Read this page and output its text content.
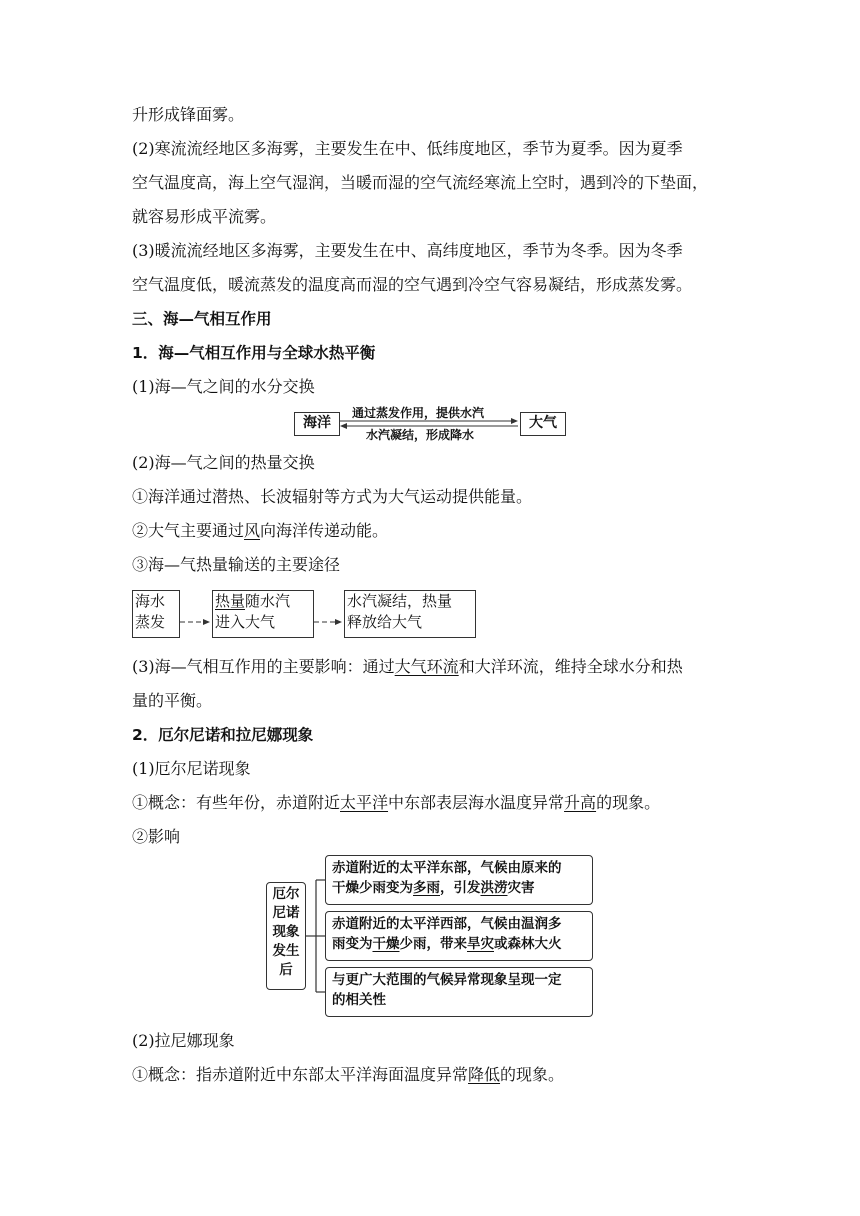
升形成锋面雾。
(2)寒流流经地区多海雾，主要发生在中、低纬度地区，季节为夏季。因为夏季
空气温度高，海上空气湿润，当暖而湿的空气流经寒流上空时，遇到冷的下垫面，
就容易形成平流雾。
(3)暖流流经地区多海雾，主要发生在中、高纬度地区，季节为冬季。因为冬季
空气温度低，暖流蒸发的温度高而湿的空气遇到冷空气容易凝结，形成蒸发雾。
三、海—气相互作用
1．海—气相互作用与全球水热平衡
(1)海—气之间的水分交换
海洋	大气
通过蒸发作用，提供水汽
水汽凝结，形成降水
(2)海—气之间的热量交换
①海洋通过潜热、长波辐射等方式为大气运动提供能量。
②大气主要通过风向海洋传递动能。
③海—气热量输送的主要途径
海水
蒸发
热量随水汽
进入大气
水汽凝结，热量
释放给大气
(3)海—气相互作用的主要影响：通过大气环流和大洋环流，维持全球水分和热
量的平衡。
2．厄尔尼诺和拉尼娜现象
(1)厄尔尼诺现象
①概念：有些年份，赤道附近太平洋中东部表层海水温度异常升高的现象。
②影响
厄尔
尼诺
现象
发生
后
赤道附近的太平洋东部，气候由原来的
干燥少雨变为多雨，引发洪涝灾害
赤道附近的太平洋西部，气候由温润多
雨变为干燥少雨，带来旱灾或森林大火
与更广大范围的气候异常现象呈现一定
的相关性
(2)拉尼娜现象
①概念：指赤道附近中东部太平洋海面温度异常降低的现象。
